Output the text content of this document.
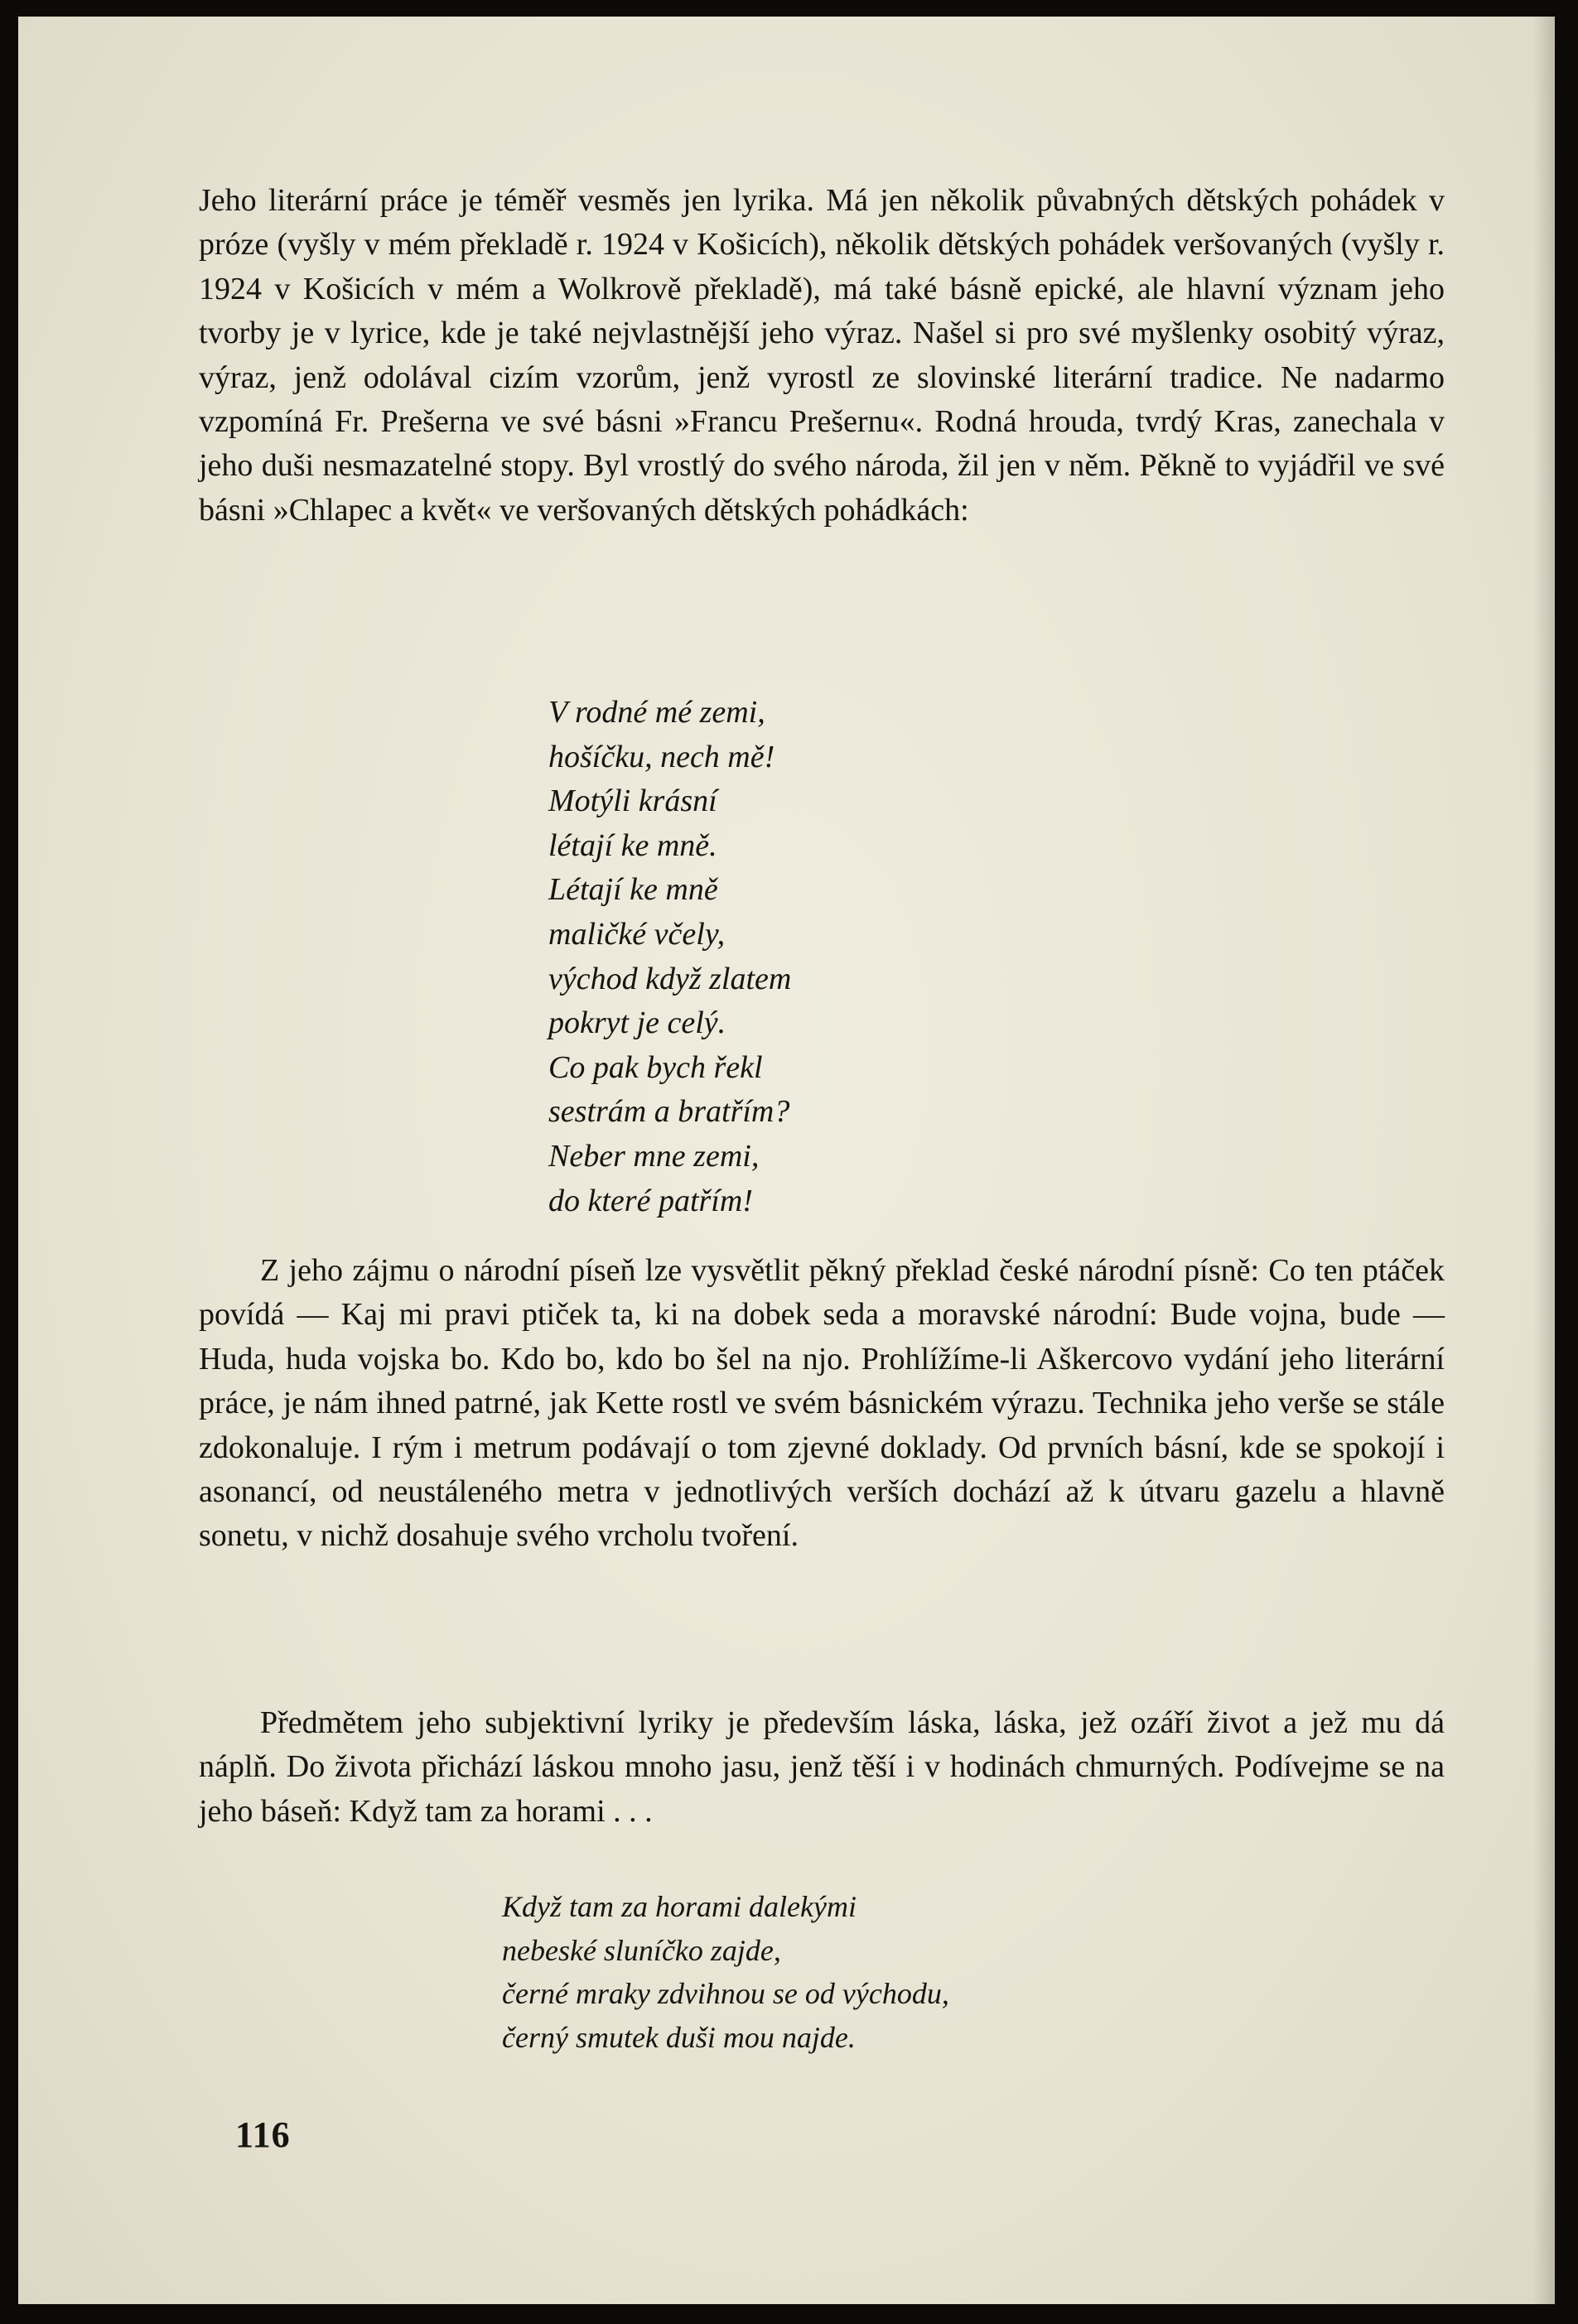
Jeho literární práce je téměř vesměs jen lyrika. Má jen několik půvabných dětských pohádek v próze (vyšly v mém překladě r. 1924 v Košicích), několik dětských pohádek veršovaných (vyšly r. 1924 v Košicích v mém a Wolkrově překladě), má také básně epické, ale hlavní význam jeho tvorby je v lyrice, kde je také nejvlastnější jeho výraz. Našel si pro své myšlenky osobitý výraz, výraz, jenž odolával cizím vzorům, jenž vyrostl ze slovinské literární tradice. Ne nadarmo vzpomíná Fr. Prešerna ve své básni »Francu Prešernu«. Rodná hrouda, tvrdý Kras, zanechala v jeho duši nesmazatelné stopy. Byl vrostlý do svého národa, žil jen v něm. Pěkně to vyjádřil ve své básni »Chlapec a květ« ve veršovaných dětských pohádkách:

V rodné mé zemi,
hošíčku, nech mě!
Motýli krásní
létají ke mně.
Létají ke mně
maličké včely,
východ když zlatem
pokryt je celý.
Co pak bych řekl
sestrám a bratřím?
Neber mne zemi,
do které patřím!

Z jeho zájmu o národní píseň lze vysvětlit pěkný překlad české národní písně: Co ten ptáček povídá — Kaj mi pravi ptiček ta, ki na dobek seda a moravské národní: Bude vojna, bude — Huda, huda vojska bo. Kdo bo, kdo bo šel na njo. Prohlížíme-li Aškercovo vydání jeho literární práce, je nám ihned patrné, jak Kette rostl ve svém básnickém výrazu. Technika jeho verše se stále zdokonaluje. I rým i metrum podávají o tom zjevné doklady. Od prvních básní, kde se spokojí i asonancí, od neustáleného metra v jednotlivých verších dochází až k útvaru gazelu a hlavně sonetu, v nichž dosahuje svého vrcholu tvoření.

Předmětem jeho subjektivní lyriky je především láska, láska, jež ozáří život a jež mu dá náplň. Do života přichází láskou mnoho jasu, jenž těší i v hodinách chmurných. Podívejme se na jeho báseň: Když tam za horami . . .

Když tam za horami dalekými
nebeské sluníčko zajde,
černé mraky zdvihnou se od východu,
černý smutek duši mou najde.
116
